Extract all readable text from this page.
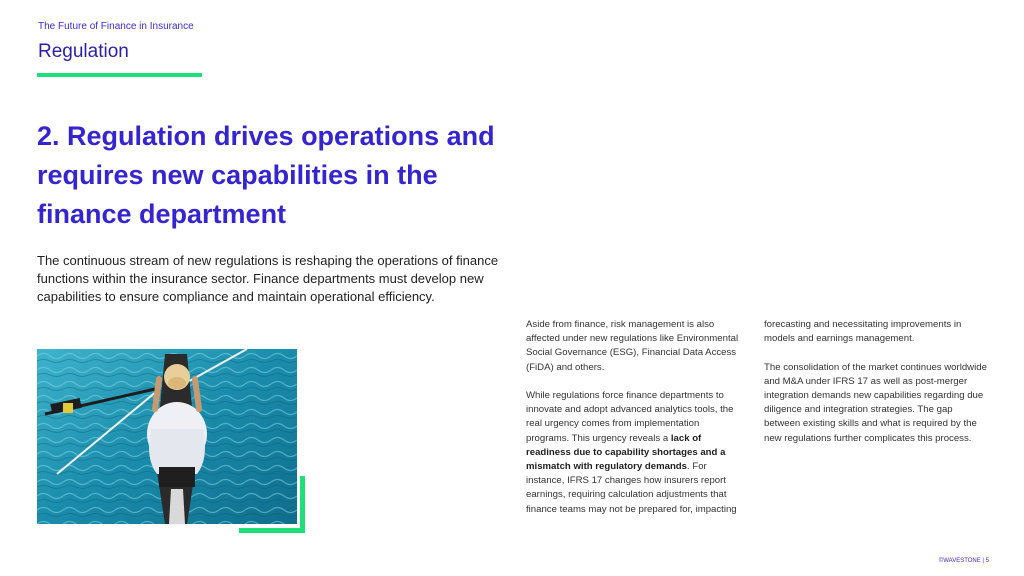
The Future of Finance in Insurance
Regulation
2. Regulation drives operations and requires new capabilities in the finance department
The continuous stream of new regulations is reshaping the operations of finance functions within the insurance sector. Finance departments must develop new capabilities to ensure compliance and maintain operational efficiency.

Aside from finance, risk management is also affected under new regulations like Environmental Social Governance (ESG), Financial Data Access (FiDA) and others.

While regulations force finance departments to innovate and adopt advanced analytics tools, the real urgency comes from implementation programs. This urgency reveals a lack of readiness due to capability shortages and a mismatch with regulatory demands. For instance, IFRS 17 changes how insurers report earnings, requiring calculation adjustments that finance teams may not be prepared for, impacting

forecasting and necessitating improvements in models and earnings management.

The consolidation of the market continues worldwide and M&A under IFRS 17 as well as post-merger integration demands new capabilities regarding due diligence and integration strategies. The gap between existing skills and what is required by the new regulations further complicates this process.

©WAVESTONE | 5
